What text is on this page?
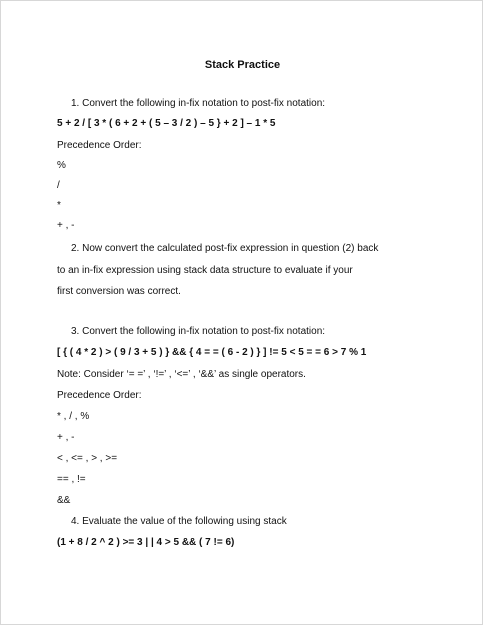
Stack Practice
1. Convert the following in-fix notation to post-fix notation:
5 + 2 / [ 3 * ( 6 + 2 + ( 5 – 3 / 2 ) – 5 } + 2 ] – 1 * 5
Precedence Order:
%
/
*
+ , -
2. Now convert the calculated post-fix expression in question (2) back
to an in-fix expression using stack data structure to evaluate if your
first conversion was correct.
3. Convert the following in-fix notation to post-fix notation:
[ { ( 4 * 2 ) > ( 9 / 3 + 5 ) } && { 4 = = ( 6 - 2 ) } ] != 5 < 5 = = 6 > 7 % 1
Note: Consider ‘= =’ , ‘!=’ , ‘<=’ , ‘&&’ as single operators.
Precedence Order:
* , / , %
+ , -
< , <= , > , >=
== , !=
&&
4. Evaluate the value of the following using stack
(1 + 8 / 2 ^ 2 ) >= 3 | | 4 > 5 && ( 7 != 6)
